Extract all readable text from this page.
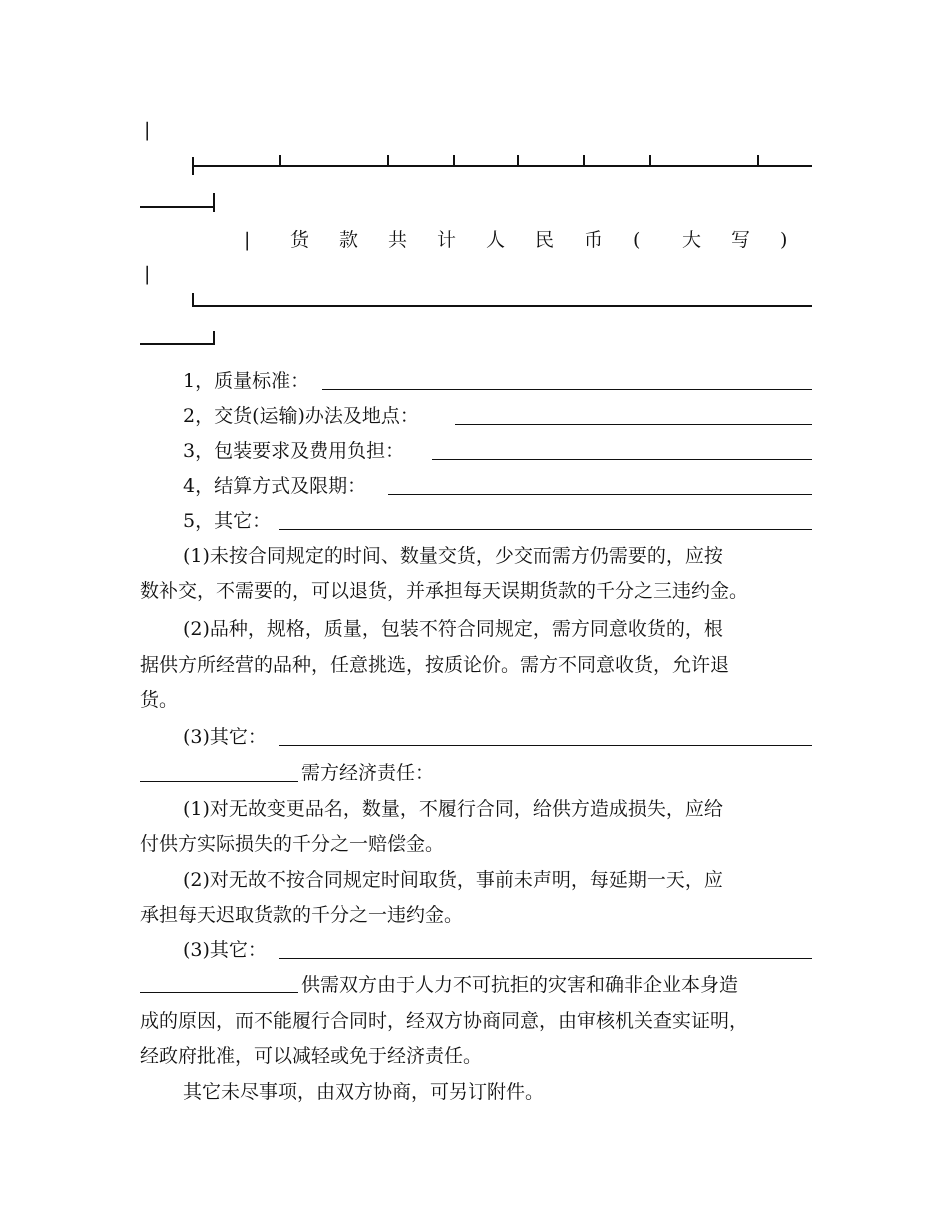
|
| 货 款 共 计 人 民 币 ( 大 写 )
|
1，质量标准：
2，交货(运输)办法及地点：
3，包装要求及费用负担：
4，结算方式及限期：
5，其它：
(1)未按合同规定的时间、数量交货，少交而需方仍需要的，应按
数补交，不需要的，可以退货，并承担每天误期货款的千分之三违约金。
(2)品种，规格，质量，包装不符合同规定，需方同意收货的，根
据供方所经营的品种，任意挑选，按质论价。需方不同意收货，允许退
货。
(3)其它：
需方经济责任：
(1)对无故变更品名，数量，不履行合同，给供方造成损失，应给
付供方实际损失的千分之一赔偿金。
(2)对无故不按合同规定时间取货，事前未声明，每延期一天，应
承担每天迟取货款的千分之一违约金。
(3)其它：
供需双方由于人力不可抗拒的灾害和确非企业本身造
成的原因，而不能履行合同时，经双方协商同意，由审核机关查实证明，
经政府批准，可以减轻或免于经济责任。
其它未尽事项，由双方协商，可另订附件。
